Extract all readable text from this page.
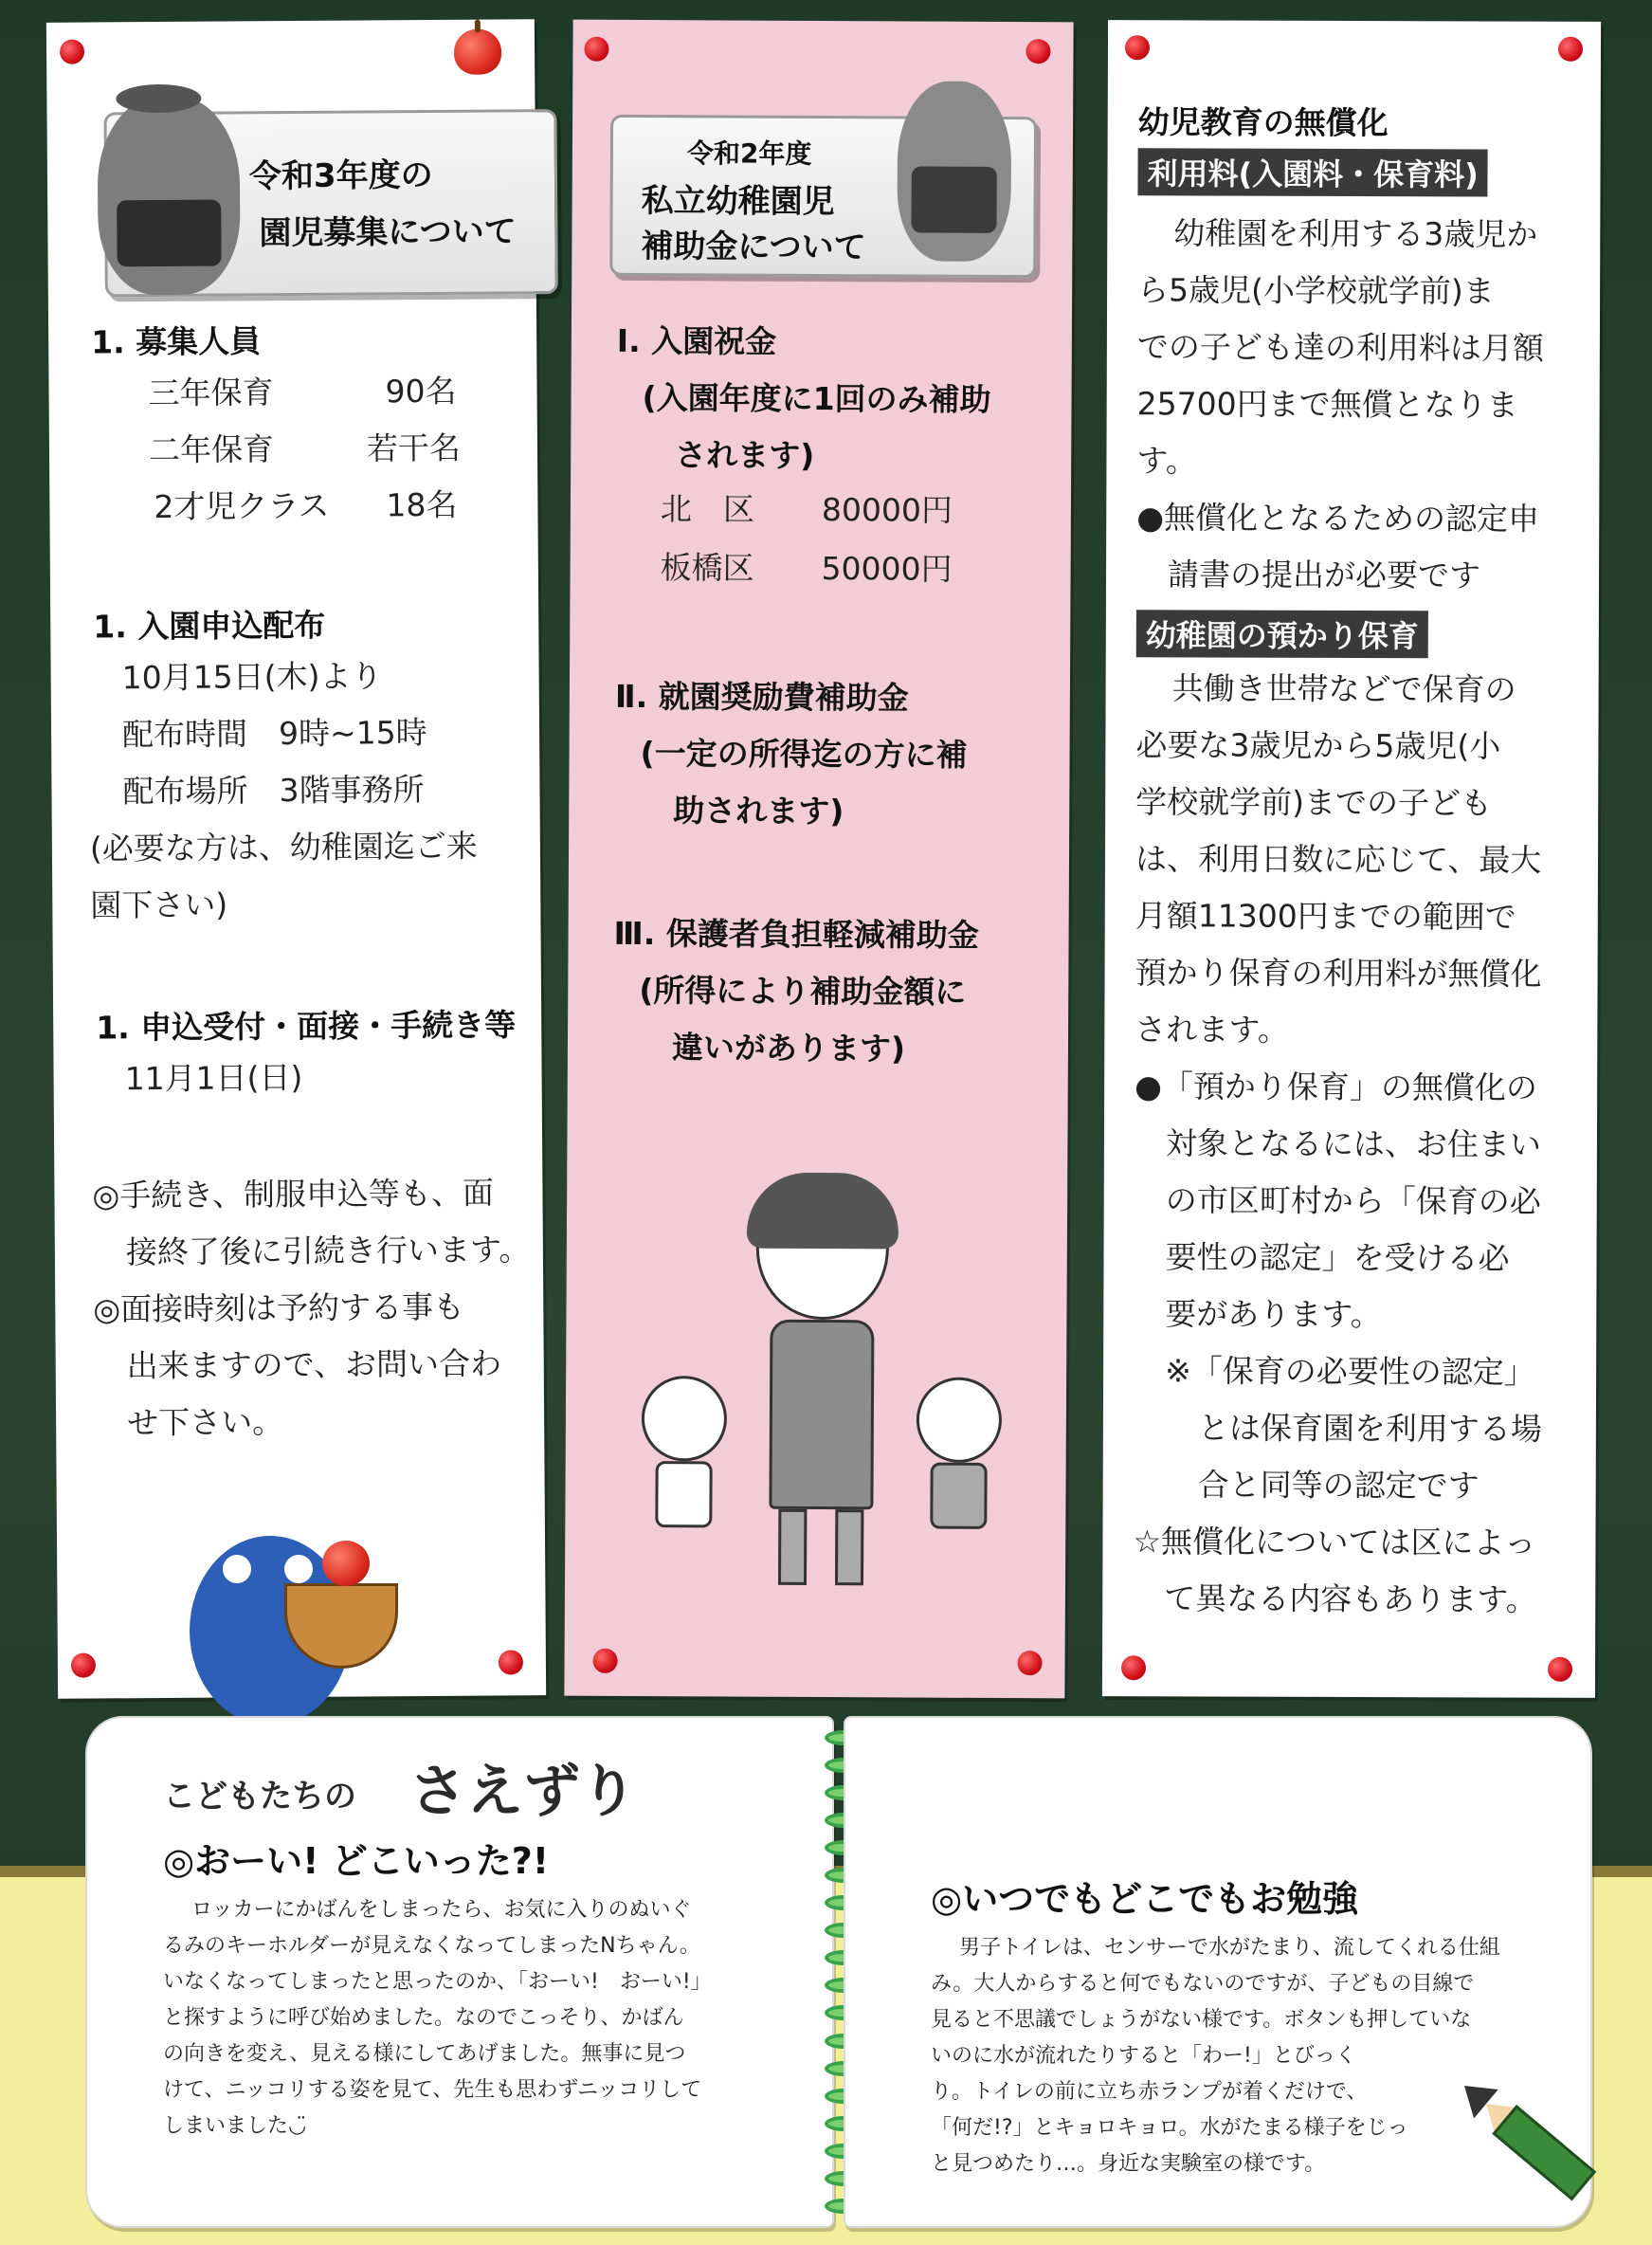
令和3年度の
園児募集について
1. 募集人員
三年保育	90名
二年保育	若干名
2才児クラス 18名
1. 入園申込配布
10月15日(木)より
配布時間　9時~15時
配布場所　3階事務所
(必要な方は、幼稚園迄ご来
園下さい)
1. 申込受付・面接・手続き等
11月1日(日)
◎手続き、制服申込等も、面
接終了後に引続き行います。
◎面接時刻は予約する事も
出来ますので、お問い合わ
せ下さい。
令和2年度
私立幼稚園児
補助金について
Ⅰ. 入園祝金
(入園年度に1回のみ補助
されます)
北　区 80000円
板橋区 50000円
Ⅱ. 就園奨励費補助金
(一定の所得迄の方に補
助されます)
Ⅲ. 保護者負担軽減補助金
(所得により補助金額に
違いがあります)
幼児教育の無償化
利用料(入園料・保育料)
幼稚園を利用する3歳児か
ら5歳児(小学校就学前)ま
での子ども達の利用料は月額
25700円まで無償となりま
す。
●無償化となるための認定申
請書の提出が必要です
幼稚園の預かり保育
共働き世帯などで保育の
必要な3歳児から5歳児(小
学校就学前)までの子ども
は、利用日数に応じて、最大
月額11300円までの範囲で
預かり保育の利用料が無償化
されます。
●「預かり保育」の無償化の
対象となるには、お住まい
の市区町村から「保育の必
要性の認定」を受ける必
要があります。
※「保育の必要性の認定」
とは保育園を利用する場
合と同等の認定です
☆無償化については区によっ
て異なる内容もあります。
こどもたちの さえずり
◎おーい! どこいった?!
ロッカーにかばんをしまったら、お気に入りのぬいぐ
るみのキーホルダーが見えなくなってしまったNちゃん。
いなくなってしまったと思ったのか、「おーい!　おーい!」
と探すように呼び始めました。なのでこっそり、かばん
の向きを変え、見える様にしてあげました。無事に見つ
けて、ニッコリする姿を見て、先生も思わずニッコリして
しまいました◡̈
◎いつでもどこでもお勉強
男子トイレは、センサーで水がたまり、流してくれる仕組
み。大人からすると何でもないのですが、子どもの目線で
見ると不思議でしょうがない様です。ボタンも押していな
いのに水が流れたりすると「わー!」とびっく
り。トイレの前に立ち赤ランプが着くだけで、
「何だ!?」とキョロキョロ。水がたまる様子をじっ
と見つめたり…。身近な実験室の様です。
